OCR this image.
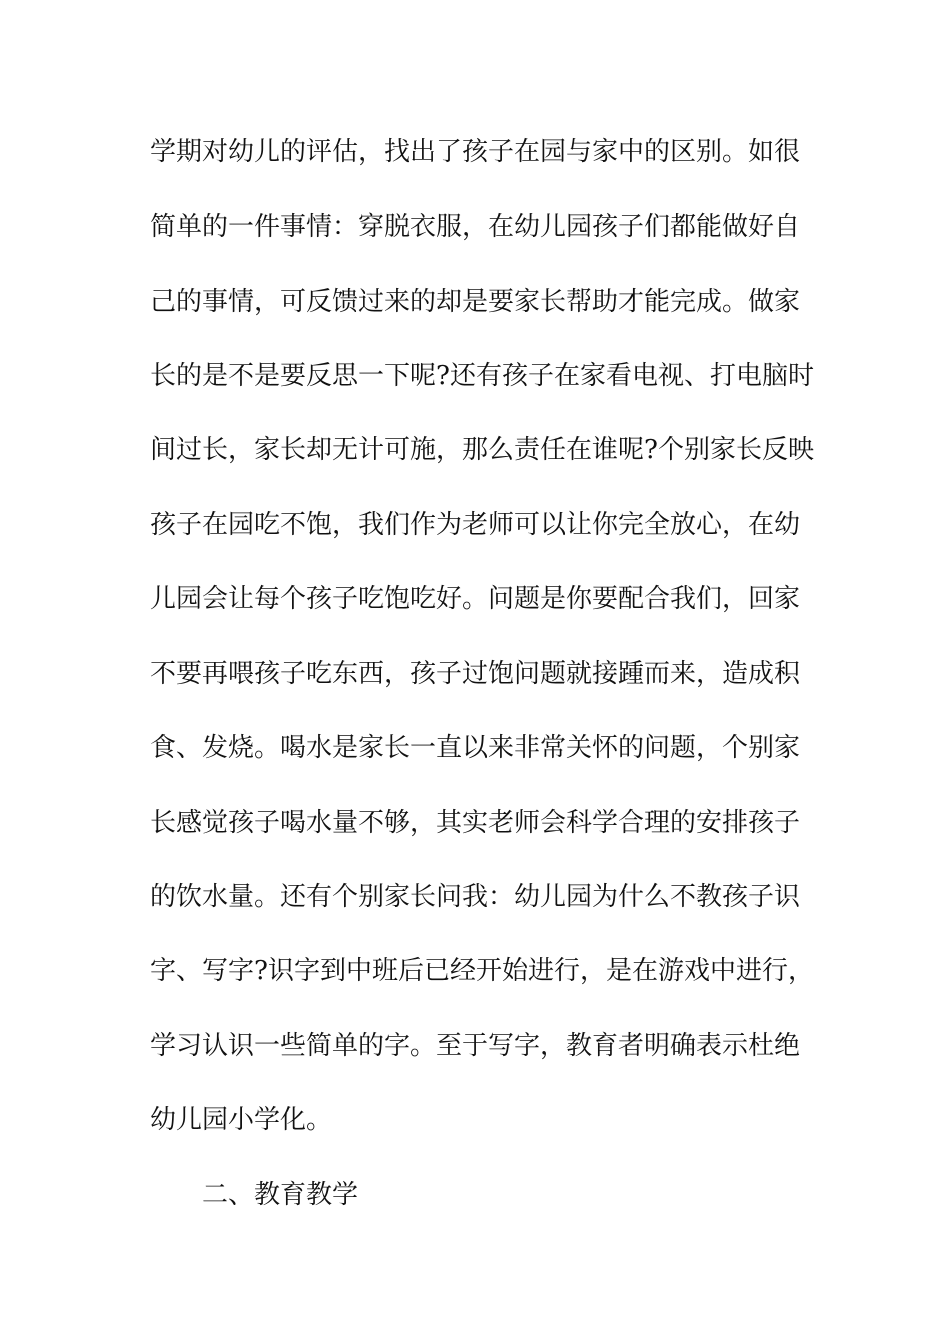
学期对幼儿的评估，找出了孩子在园与家中的区别。如很
简单的一件事情：穿脱衣服，在幼儿园孩子们都能做好自
己的事情，可反馈过来的却是要家长帮助才能完成。做家
长的是不是要反思一下呢?还有孩子在家看电视、打电脑时
间过长，家长却无计可施，那么责任在谁呢?个别家长反映
孩子在园吃不饱，我们作为老师可以让你完全放心，在幼
儿园会让每个孩子吃饱吃好。问题是你要配合我们，回家
不要再喂孩子吃东西，孩子过饱问题就接踵而来，造成积
食、发烧。喝水是家长一直以来非常关怀的问题，个别家
长感觉孩子喝水量不够，其实老师会科学合理的安排孩子
的饮水量。还有个别家长问我：幼儿园为什么不教孩子识
字、写字?识字到中班后已经开始进行，是在游戏中进行，
学习认识一些简单的字。至于写字，教育者明确表示杜绝
幼儿园小学化。
二、教育教学
